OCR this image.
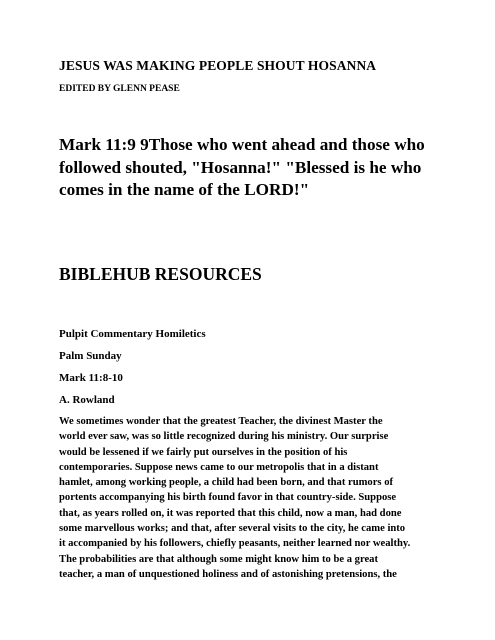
JESUS WAS MAKING PEOPLE SHOUT HOSANNA
EDITED BY GLENN PEASE
Mark 11:9 9Those who went ahead and those who followed shouted, "Hosanna!" "Blessed is he who comes in the name of the LORD!"
BIBLEHUB RESOURCES
Pulpit Commentary Homiletics
Palm Sunday
Mark 11:8-10
A. Rowland
We sometimes wonder that the greatest Teacher, the divinest Master the
world ever saw, was so little recognized during his ministry. Our surprise
would be lessened if we fairly put ourselves in the position of his
contemporaries. Suppose news came to our metropolis that in a distant
hamlet, among working people, a child had been born, and that rumors of
portents accompanying his birth found favor in that country-side. Suppose
that, as years rolled on, it was reported that this child, now a man, had done
some marvellous works; and that, after several visits to the city, he came into
it accompanied by his followers, chiefly peasants, neither learned nor wealthy.
The probabilities are that although some might know him to be a great
teacher, a man of unquestioned holiness and of astonishing pretensions, the
